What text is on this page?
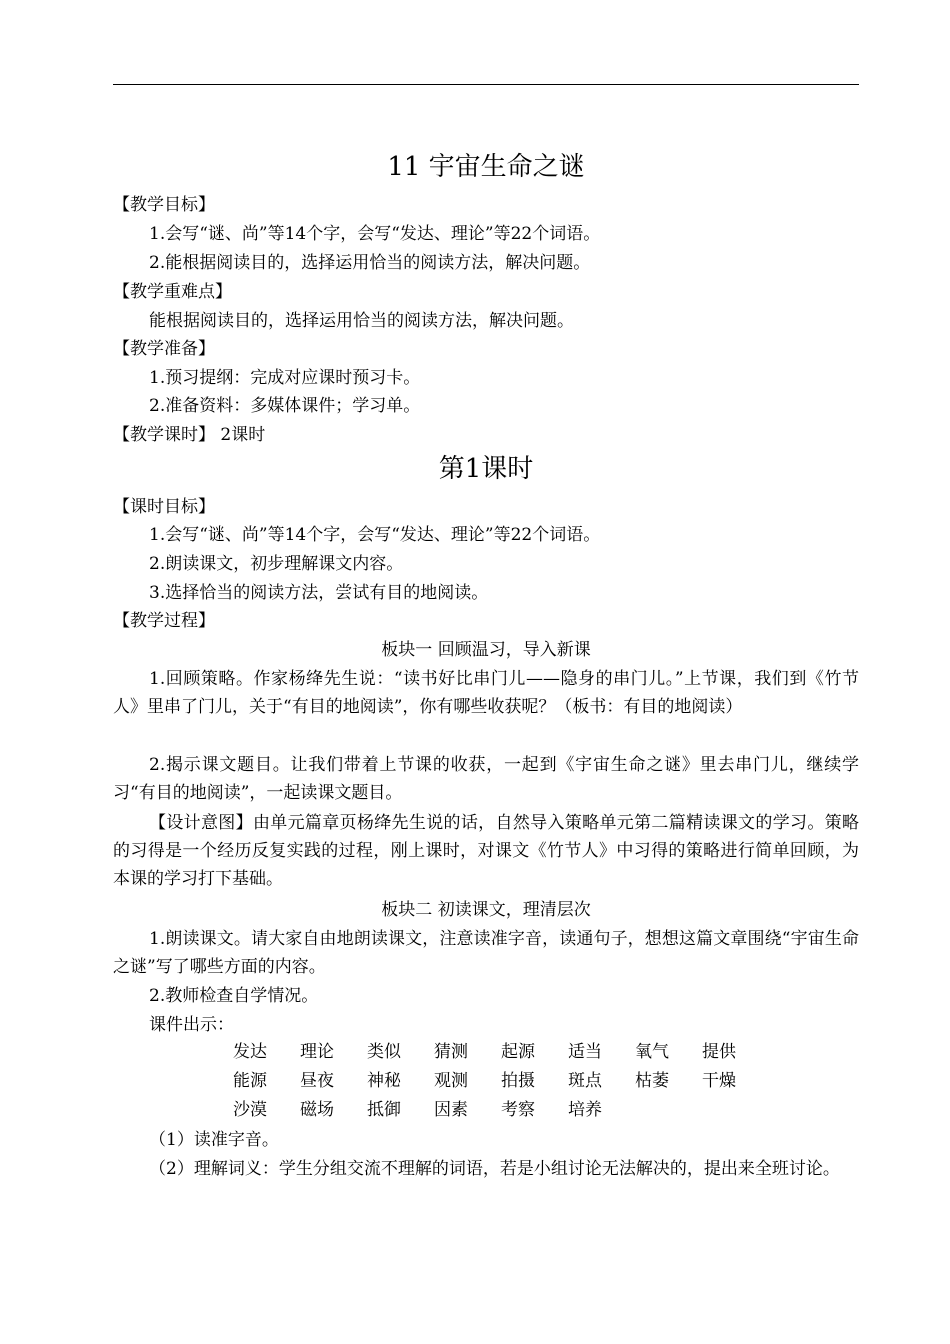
11 宇宙生命之谜
【教学目标】
1.会写“谜、尚”等14个字，会写“发达、理论”等22个词语。
2.能根据阅读目的，选择运用恰当的阅读方法，解决问题。
【教学重难点】
能根据阅读目的，选择运用恰当的阅读方法，解决问题。
【教学准备】
1.预习提纲：完成对应课时预习卡。
2.准备资料：多媒体课件；学习单。
【教学课时】 2课时
第1课时
【课时目标】
1.会写“谜、尚”等14个字，会写“发达、理论”等22个词语。
2.朗读课文，初步理解课文内容。
3.选择恰当的阅读方法，尝试有目的地阅读。
【教学过程】
板块一 回顾温习，导入新课
1.回顾策略。作家杨绛先生说：“读书好比串门儿——隐身的串门儿。”上节课，我们到《竹节人》里串了门儿，关于“有目的地阅读”，你有哪些收获呢？（板书：有目的地阅读）
2.揭示课文题目。让我们带着上节课的收获，一起到《宇宙生命之谜》里去串门儿，继续学习“有目的地阅读”，一起读课文题目。
【设计意图】由单元篇章页杨绛先生说的话，自然导入策略单元第二篇精读课文的学习。策略的习得是一个经历反复实践的过程，刚上课时，对课文《竹节人》中习得的策略进行简单回顾，为本课的学习打下基础。
板块二 初读课文，理清层次
1.朗读课文。请大家自由地朗读课文，注意读准字音，读通句子，想想这篇文章围绕“宇宙生命之谜”写了哪些方面的内容。
2.教师检查自学情况。
课件出示：
发达 理论 类似 猜测 起源 适当 氧气 提供
能源 昼夜 神秘 观测 拍摄 斑点 枯萎 干燥
沙漠 磁场 抵御 因素 考察 培养
（1）读准字音。
（2）理解词义：学生分组交流不理解的词语，若是小组讨论无法解决的，提出来全班讨论。
